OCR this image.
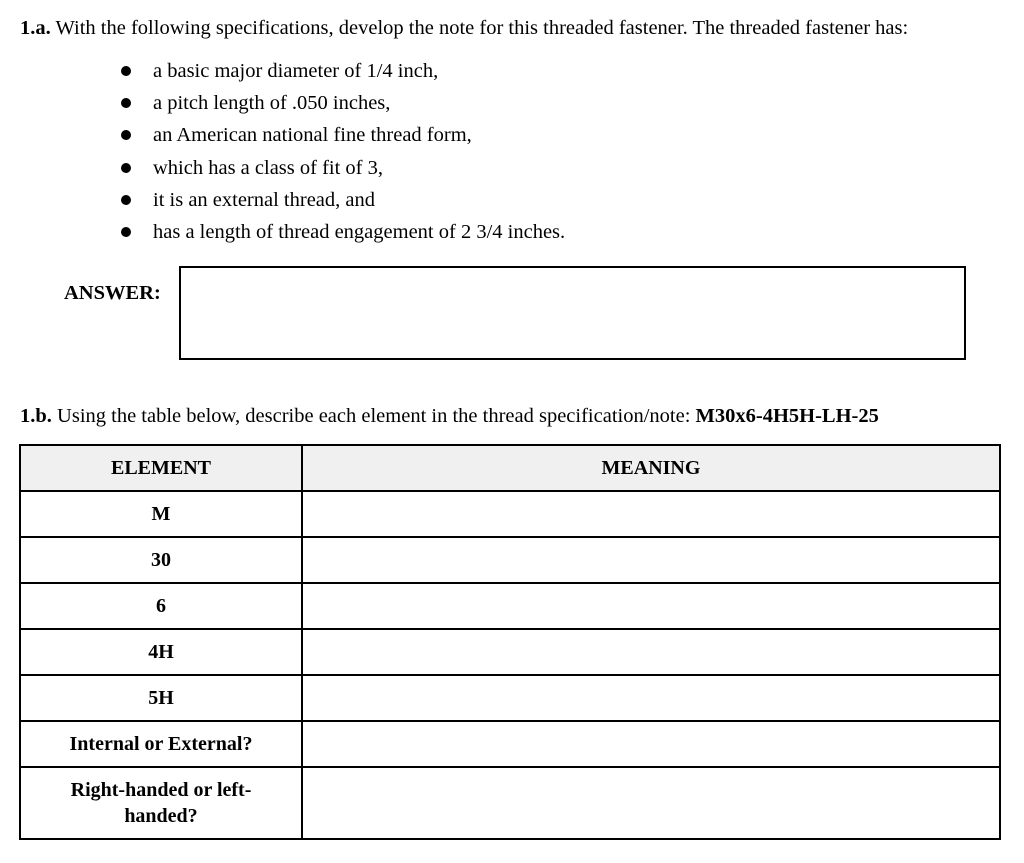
1.a. With the following specifications, develop the note for this threaded fastener. The threaded fastener has:
a basic major diameter of 1/4 inch,
a pitch length of .050 inches,
an American national fine thread form,
which has a class of fit of 3,
it is an external thread, and
has a length of thread engagement of 2 3/4 inches.
ANSWER:
1.b. Using the table below, describe each element in the thread specification/note: M30x6-4H5H-LH-25
ELEMENT	MEANING
M	
30	
6	
4H	
5H	
Internal or External?	
Right-handed or left-handed?	
